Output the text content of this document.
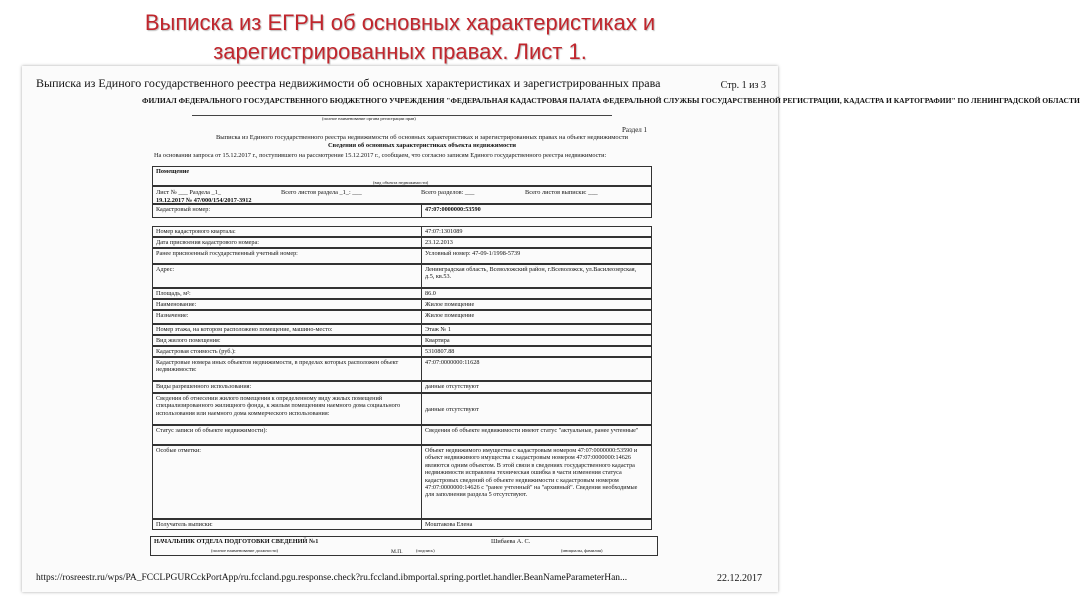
Выписка из ЕГРН об основных характеристиках и
зарегистрированных правах. Лист 1.
Выписка из Единого государственного реестра недвижимости об основных характеристиках и зарегистрированных права	Стр. 1 из 3
ФИЛИАЛ ФЕДЕРАЛЬНОГО ГОСУДАРСТВЕННОГО БЮДЖЕТНОГО УЧРЕЖДЕНИЯ "ФЕДЕРАЛЬНАЯ КАДАСТРОВАЯ ПАЛАТА ФЕДЕРАЛЬНОЙ СЛУЖБЫ ГОСУДАРСТВЕННОЙ РЕГИСТРАЦИИ, КАДАСТРА И КАРТОГРАФИИ" ПО ЛЕНИНГРАДСКОЙ ОБЛАСТИ
(полное наименование органа регистрации прав)
Раздел 1
Выписка из Единого государственного реестра недвижимости об основных характеристиках и зарегистрированных правах на объект недвижимости
Сведения об основных характеристиках объекта недвижимости
На основании запроса от 15.12.2017 г., поступившего на рассмотрение 15.12.2017 г., сообщаем, что согласно записям Единого государственного реестра недвижимости:
Помещение
(вид объекта недвижимости)
Лист № ___ Раздела _1_	Всего листов раздела _1_: ___	Всего разделов: ___	Всего листов выписки: ___
19.12.2017 № 47/000/154/2017-3912
Кадастровый номер:	47:07:0000000:53590
Номер кадастрового квартала:	47:07:1301089
Дата присвоения кадастрового номера:	23.12.2013
Ранее присвоенный государственный учетный номер:	Условный номер: 47-09-1/1998-5739
Адрес:	Ленинградская область, Всеволожский район, г.Всеволожск, ул.Василеозерская, д.5, кв.53.
Площадь, м²:	86.0
Наименование:	Жилое помещение
Назначение:	Жилое помещение
Номер этажа, на котором расположено помещение, машино-место:	Этаж № 1
Вид жилого помещения:	Квартира
Кадастровая стоимость (руб.):	5310807.88
Кадастровые номера иных объектов недвижимости, в пределах которых расположен объект недвижимости:
47:07:0000000:11628
Виды разрешенного использования:	данные отсутствуют
Сведения об отнесении жилого помещения к определенному виду жилых помещений специализированного жилищного фонда, к жилым помещениям наемного дома социального использования или наемного дома коммерческого использования:
данные отсутствуют
Статус записи об объекте недвижимости):	Сведения об объекте недвижимости имеют статус "актуальные, ранее учтенные"
Особые отметки:	Объект недвижимого имущества с кадастровым номером 47:07:0000000:53590 и объект недвижимого имущества с кадастровым номером 47:07:0000000:14626 являются одним объектом. В этой связи в сведениях государственного кадастра недвижимости исправлена техническая ошибка в части изменения статуса кадастровых сведений об объекте недвижимости с кадастровым номером 47:07:0000000:14626 с "ранее учтенный" на "архивный". Сведения необходимые для заполнения раздела 5 отсутствуют.
Получатель выписки:	Моштакова Елена
НАЧАЛЬНИК ОТДЕЛА ПОДГОТОВКИ СВЕДЕНИЙ №1
(полное наименование должности)	(подпись)
Шибаева А. С.
(инициалы, фамилия)
М.П.
https://rosreestr.ru/wps/PA_FCCLPGURCckPortApp/ru.fccland.pgu.response.check?ru.fccland.ibmportal.spring.portlet.handler.BeanNameParameterHan...	22.12.2017
